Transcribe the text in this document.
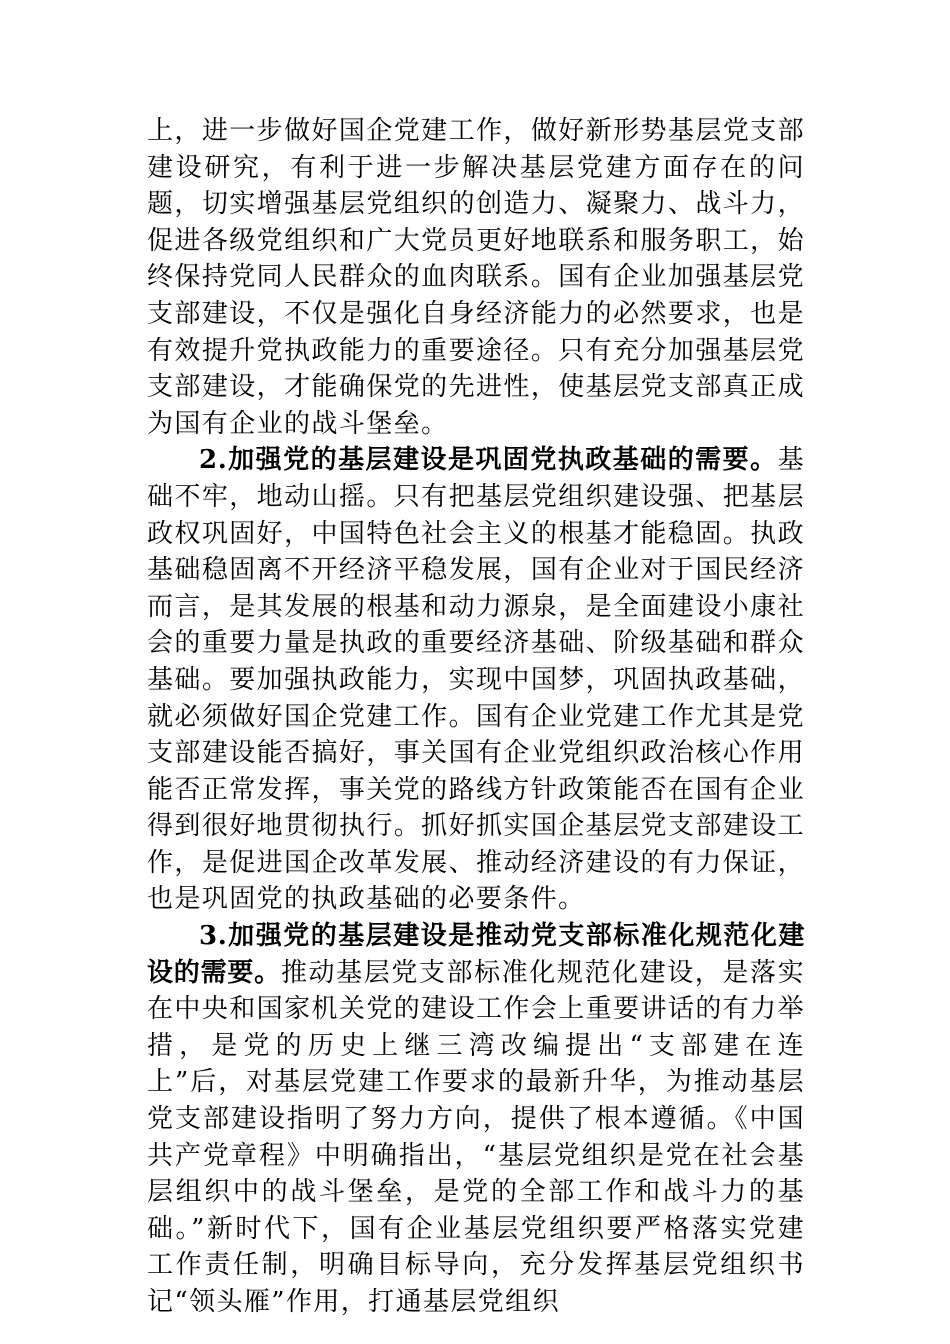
上，进一步做好国企党建工作，做好新形势基层党支部建设研究，有利于进一步解决基层党建方面存在的问题，切实增强基层党组织的创造力、凝聚力、战斗力，促进各级党组织和广大党员更好地联系和服务职工，始终保持党同人民群众的血肉联系。国有企业加强基层党支部建设，不仅是强化自身经济能力的必然要求，也是有效提升党执政能力的重要途径。只有充分加强基层党支部建设，才能确保党的先进性，使基层党支部真正成为国有企业的战斗堡垒。

2.加强党的基层建设是巩固党执政基础的需要。基础不牢，地动山摇。只有把基层党组织建设强、把基层政权巩固好，中国特色社会主义的根基才能稳固。执政基础稳固离不开经济平稳发展，国有企业对于国民经济而言，是其发展的根基和动力源泉，是全面建设小康社会的重要力量是执政的重要经济基础、阶级基础和群众基础。要加强执政能力，实现中国梦，巩固执政基础，就必须做好国企党建工作。国有企业党建工作尤其是党支部建设能否搞好，事关国有企业党组织政治核心作用能否正常发挥，事关党的路线方针政策能否在国有企业得到很好地贯彻执行。抓好抓实国企基层党支部建设工作，是促进国企改革发展、推动经济建设的有力保证，也是巩固党的执政基础的必要条件。

3.加强党的基层建设是推动党支部标准化规范化建设的需要。推动基层党支部标准化规范化建设，是落实在中央和国家机关党的建设工作会上重要讲话的有力举措，是党的历史上继三湾改编提出“支部建在连上”后，对基层党建工作要求的最新升华，为推动基层党支部建设指明了努力方向，提供了根本遵循。《中国共产党章程》中明确指出，“基层党组织是党在社会基层组织中的战斗堡垒，是党的全部工作和战斗力的基础。”新时代下，国有企业基层党组织要严格落实党建工作责任制，明确目标导向，充分发挥基层党组织书记“领头雁”作用，打通基层党组织
